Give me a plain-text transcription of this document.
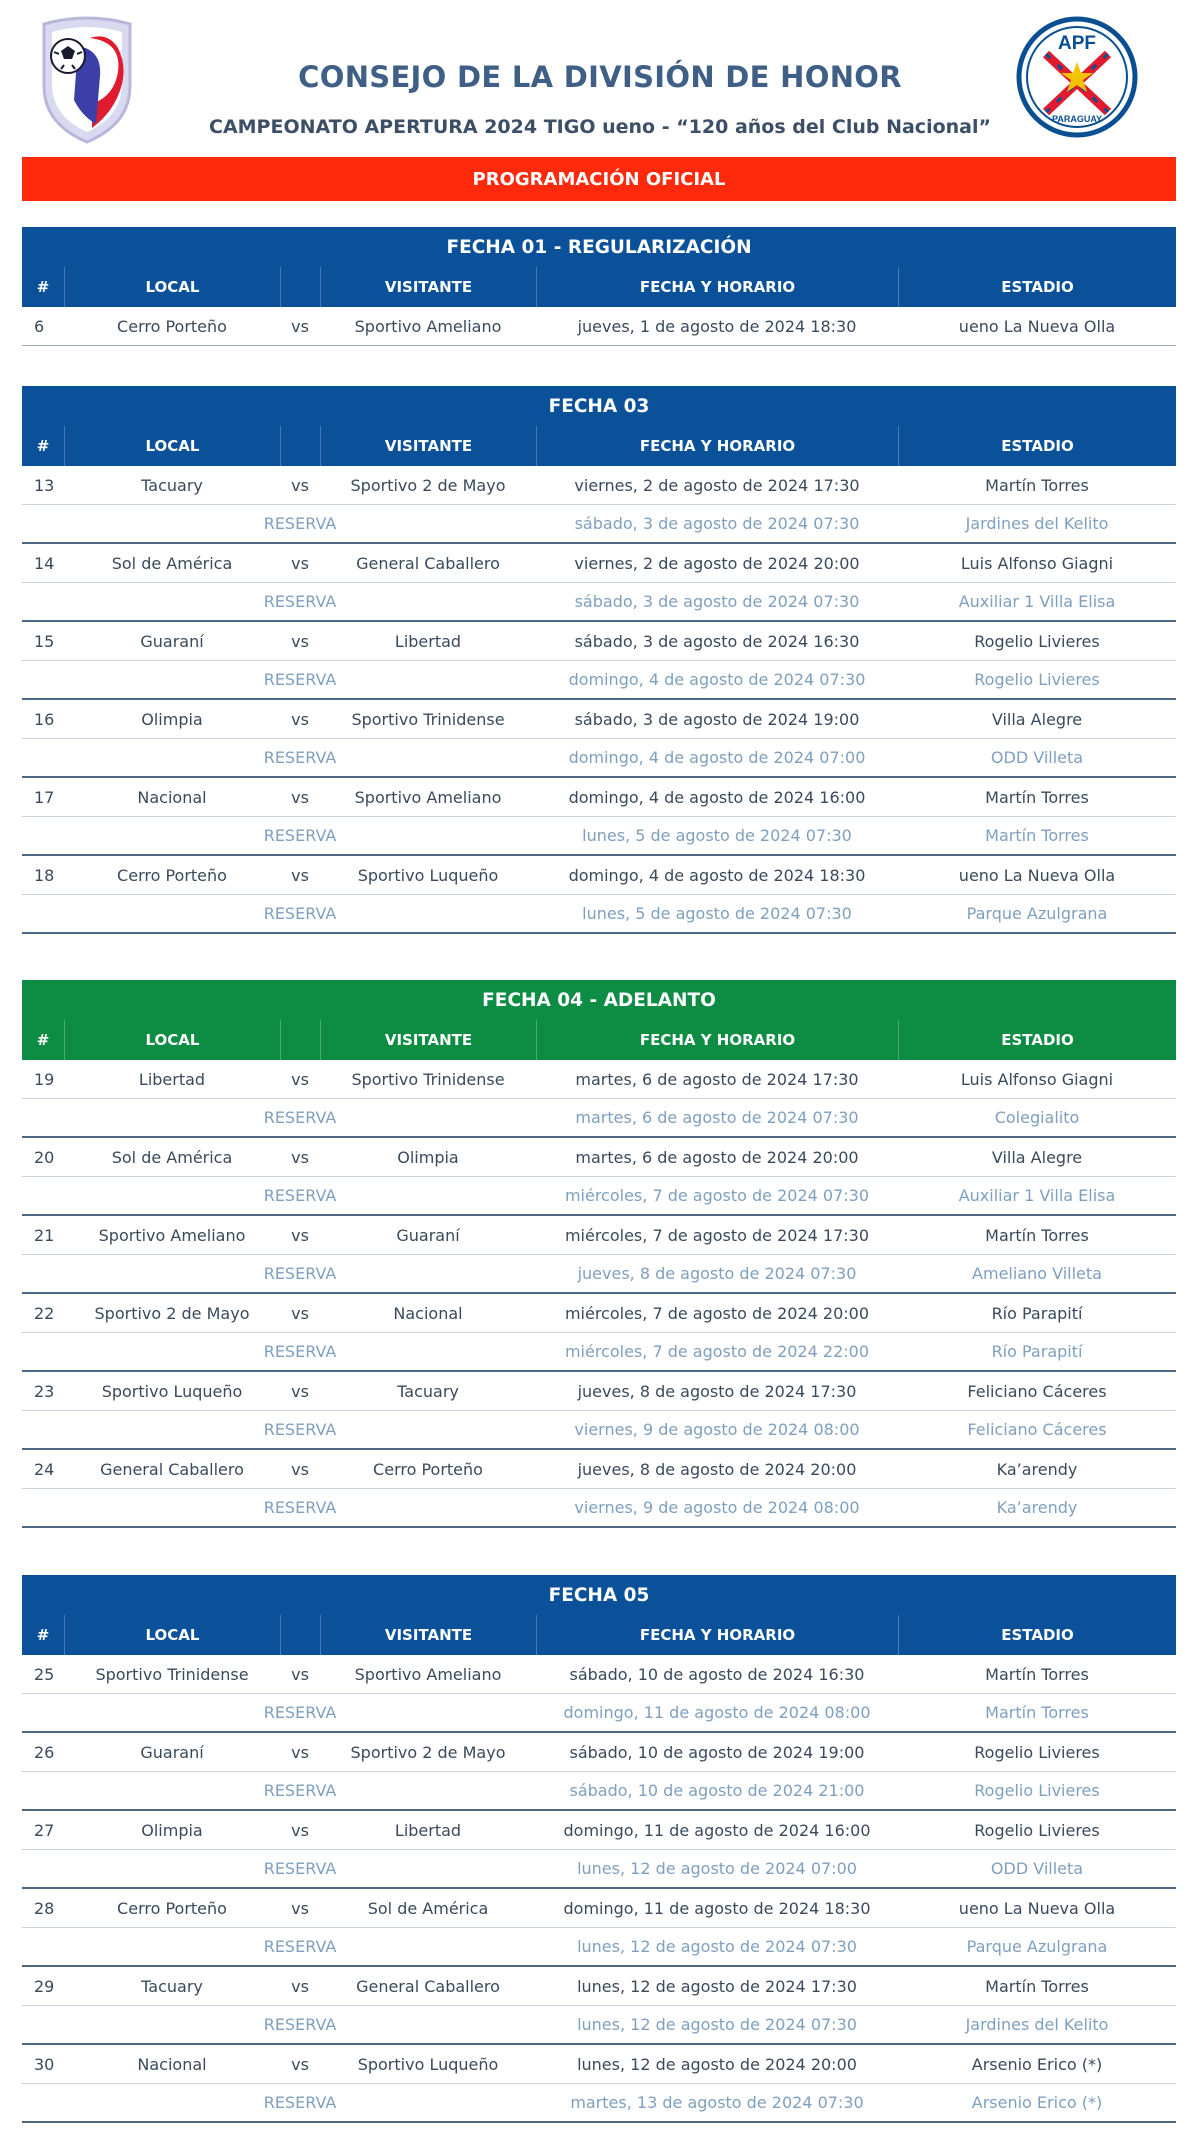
APF
PARAGUAY
CONSEJO DE LA DIVISIÓN DE HONOR
CAMPEONATO APERTURA 2024 TIGO ueno - “120 años del Club Nacional”
PROGRAMACIÓN OFICIAL
FECHA 01 - REGULARIZACIÓN
#	LOCAL	VISITANTE	FECHA Y HORARIO	ESTADIO
6	Cerro Porteño	vs	Sportivo Ameliano	jueves, 1 de agosto de 2024 18:30	ueno La Nueva Olla
FECHA 03
#	LOCAL	VISITANTE	FECHA Y HORARIO	ESTADIO
13	Tacuary	vs	Sportivo 2 de Mayo	viernes, 2 de agosto de 2024 17:30	Martín Torres
RESERVA	sábado, 3 de agosto de 2024 07:30	Jardines del Kelito
14	Sol de América	vs	General Caballero	viernes, 2 de agosto de 2024 20:00	Luis Alfonso Giagni
RESERVA	sábado, 3 de agosto de 2024 07:30	Auxiliar 1 Villa Elisa
15	Guaraní	vs	Libertad	sábado, 3 de agosto de 2024 16:30	Rogelio Livieres
RESERVA	domingo, 4 de agosto de 2024 07:30	Rogelio Livieres
16	Olimpia	vs	Sportivo Trinidense	sábado, 3 de agosto de 2024 19:00	Villa Alegre
RESERVA	domingo, 4 de agosto de 2024 07:00	ODD Villeta
17	Nacional	vs	Sportivo Ameliano	domingo, 4 de agosto de 2024 16:00	Martín Torres
RESERVA	lunes, 5 de agosto de 2024 07:30	Martín Torres
18	Cerro Porteño	vs	Sportivo Luqueño	domingo, 4 de agosto de 2024 18:30	ueno La Nueva Olla
RESERVA	lunes, 5 de agosto de 2024 07:30	Parque Azulgrana
FECHA 04 - ADELANTO
#	LOCAL	VISITANTE	FECHA Y HORARIO	ESTADIO
19	Libertad	vs	Sportivo Trinidense	martes, 6 de agosto de 2024 17:30	Luis Alfonso Giagni
RESERVA	martes, 6 de agosto de 2024 07:30	Colegialito
20	Sol de América	vs	Olimpia	martes, 6 de agosto de 2024 20:00	Villa Alegre
RESERVA	miércoles, 7 de agosto de 2024 07:30	Auxiliar 1 Villa Elisa
21	Sportivo Ameliano	vs	Guaraní	miércoles, 7 de agosto de 2024 17:30	Martín Torres
RESERVA	jueves, 8 de agosto de 2024 07:30	Ameliano Villeta
22	Sportivo 2 de Mayo	vs	Nacional	miércoles, 7 de agosto de 2024 20:00	Río Parapití
RESERVA	miércoles, 7 de agosto de 2024 22:00	Río Parapití
23	Sportivo Luqueño	vs	Tacuary	jueves, 8 de agosto de 2024 17:30	Feliciano Cáceres
RESERVA	viernes, 9 de agosto de 2024 08:00	Feliciano Cáceres
24	General Caballero	vs	Cerro Porteño	jueves, 8 de agosto de 2024 20:00	Ka’arendy
RESERVA	viernes, 9 de agosto de 2024 08:00	Ka’arendy
FECHA 05
#	LOCAL	VISITANTE	FECHA Y HORARIO	ESTADIO
25	Sportivo Trinidense	vs	Sportivo Ameliano	sábado, 10 de agosto de 2024 16:30	Martín Torres
RESERVA	domingo, 11 de agosto de 2024 08:00	Martín Torres
26	Guaraní	vs	Sportivo 2 de Mayo	sábado, 10 de agosto de 2024 19:00	Rogelio Livieres
RESERVA	sábado, 10 de agosto de 2024 21:00	Rogelio Livieres
27	Olimpia	vs	Libertad	domingo, 11 de agosto de 2024 16:00	Rogelio Livieres
RESERVA	lunes, 12 de agosto de 2024 07:00	ODD Villeta
28	Cerro Porteño	vs	Sol de América	domingo, 11 de agosto de 2024 18:30	ueno La Nueva Olla
RESERVA	lunes, 12 de agosto de 2024 07:30	Parque Azulgrana
29	Tacuary	vs	General Caballero	lunes, 12 de agosto de 2024 17:30	Martín Torres
RESERVA	lunes, 12 de agosto de 2024 07:30	Jardines del Kelito
30	Nacional	vs	Sportivo Luqueño	lunes, 12 de agosto de 2024 20:00	Arsenio Erico (*)
RESERVA	martes, 13 de agosto de 2024 07:30	Arsenio Erico (*)
